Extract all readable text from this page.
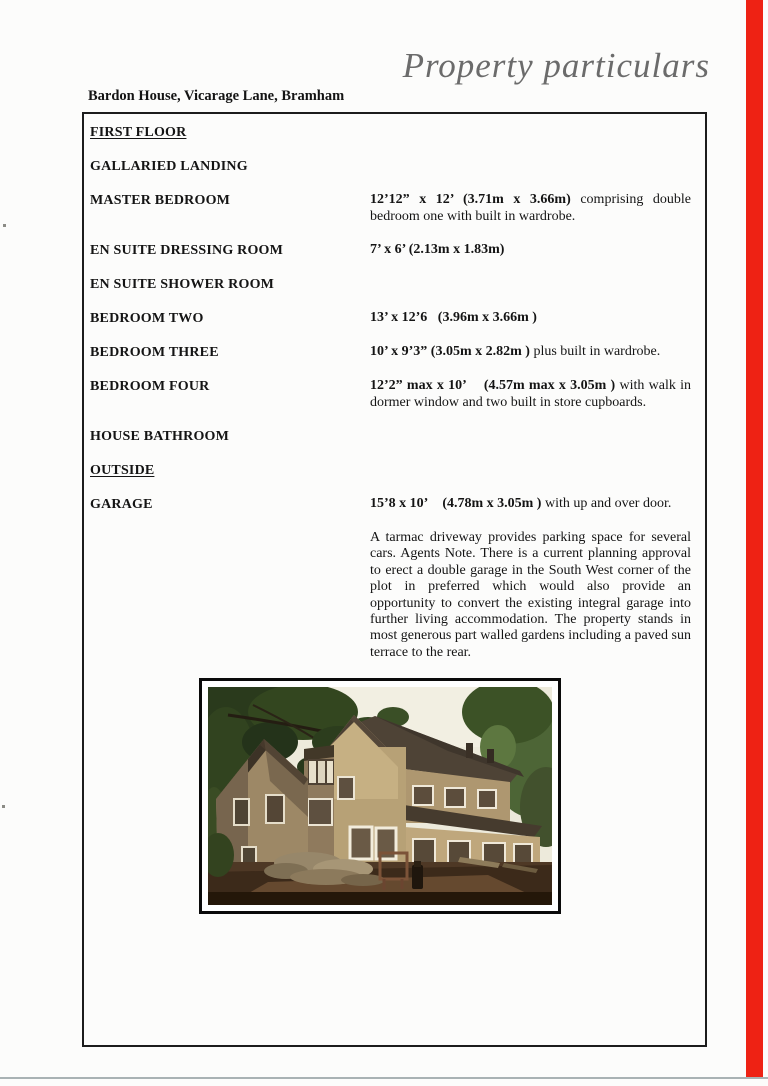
Property particulars
Bardon House, Vicarage Lane, Bramham
FIRST FLOOR
GALLARIED LANDING
MASTER BEDROOM	12’12” x 12’ (3.71m x 3.66m) comprising double bedroom one with built in wardrobe.
EN SUITE DRESSING ROOM	7’ x 6’ (2.13m x 1.83m)
EN SUITE SHOWER ROOM
BEDROOM TWO	13’ x 12’6   (3.96m x 3.66m )
BEDROOM THREE	10’ x 9’3” (3.05m x 2.82m ) plus built in wardrobe.
BEDROOM FOUR	12’2” max x 10’    (4.57m max x 3.05m ) with walk in dormer window and two built in store cupboards.
HOUSE BATHROOM
OUTSIDE
GARAGE	15’8 x 10’    (4.78m x 3.05m ) with up and over door.
A tarmac driveway provides parking space for several cars. Agents Note. There is a current planning approval to erect a double garage in the South West corner of the plot in preferred which would also provide an opportunity to convert the existing integral garage into further living accommodation. The property stands in most generous part walled gardens including a paved sun terrace to the rear.
